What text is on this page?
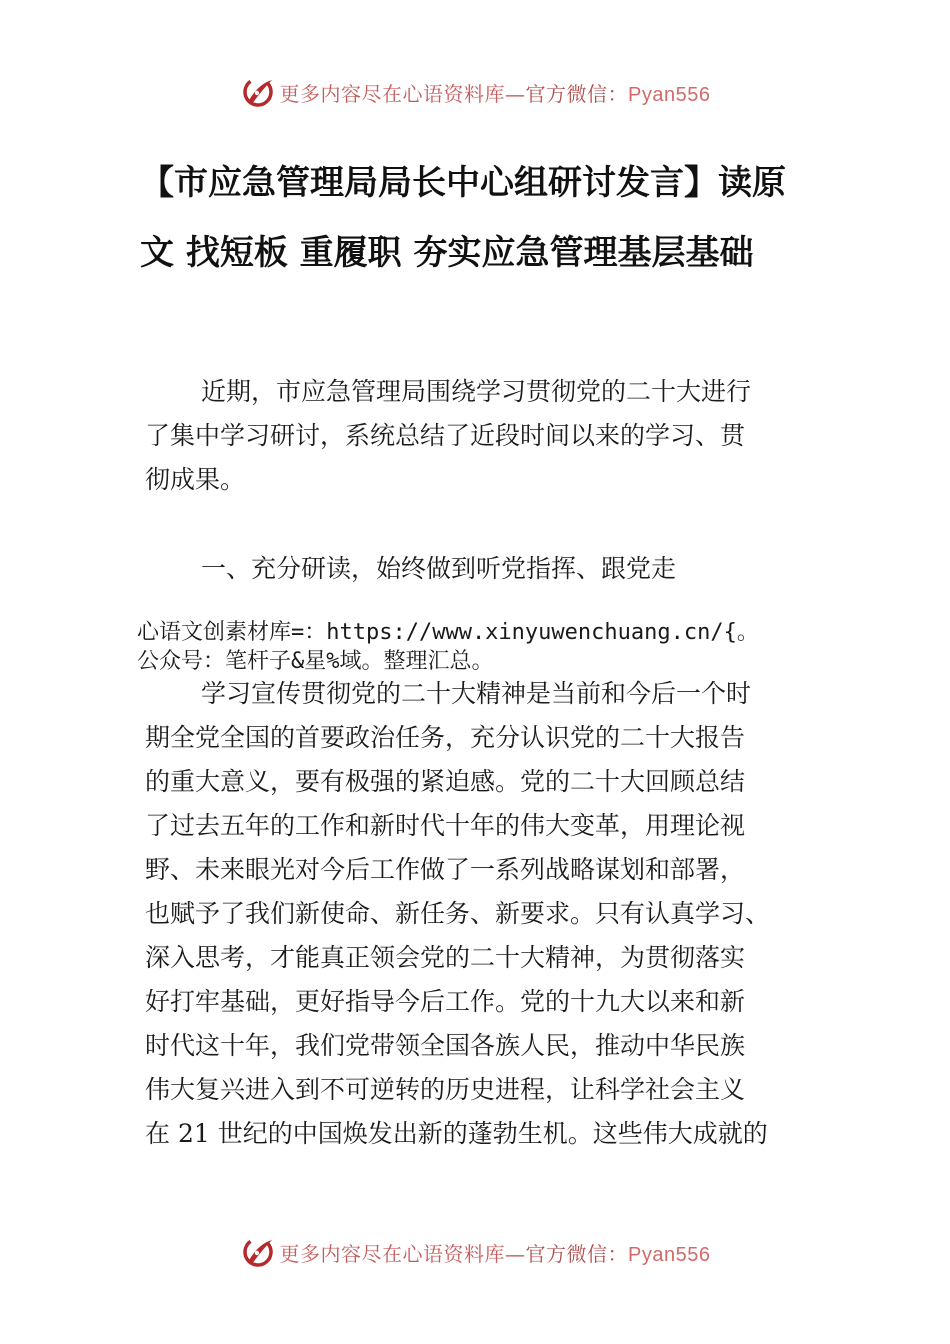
更多内容尽在心语资料库—官方微信：Pyan556
【市应急管理局局长中心组研讨发言】读原
文 找短板 重履职 夯实应急管理基层基础

近期，市应急管理局围绕学习贯彻党的二十大进行
了集中学习研讨，系统总结了近段时间以来的学习、贯
彻成果。

一、充分研读，始终做到听党指挥、跟党走

心语文创素材库=：https://www.xinyuwenchuang.cn/{。
公众号：笔杆子&星%域。整理汇总。

学习宣传贯彻党的二十大精神是当前和今后一个时
期全党全国的首要政治任务，充分认识党的二十大报告
的重大意义，要有极强的紧迫感。党的二十大回顾总结
了过去五年的工作和新时代十年的伟大变革，用理论视
野、未来眼光对今后工作做了一系列战略谋划和部署，
也赋予了我们新使命、新任务、新要求。只有认真学习、
深入思考，才能真正领会党的二十大精神，为贯彻落实
好打牢基础，更好指导今后工作。党的十九大以来和新
时代这十年，我们党带领全国各族人民，推动中华民族
伟大复兴进入到不可逆转的历史进程，让科学社会主义
在 21 世纪的中国焕发出新的蓬勃生机。这些伟大成就的

更多内容尽在心语资料库—官方微信：Pyan556
